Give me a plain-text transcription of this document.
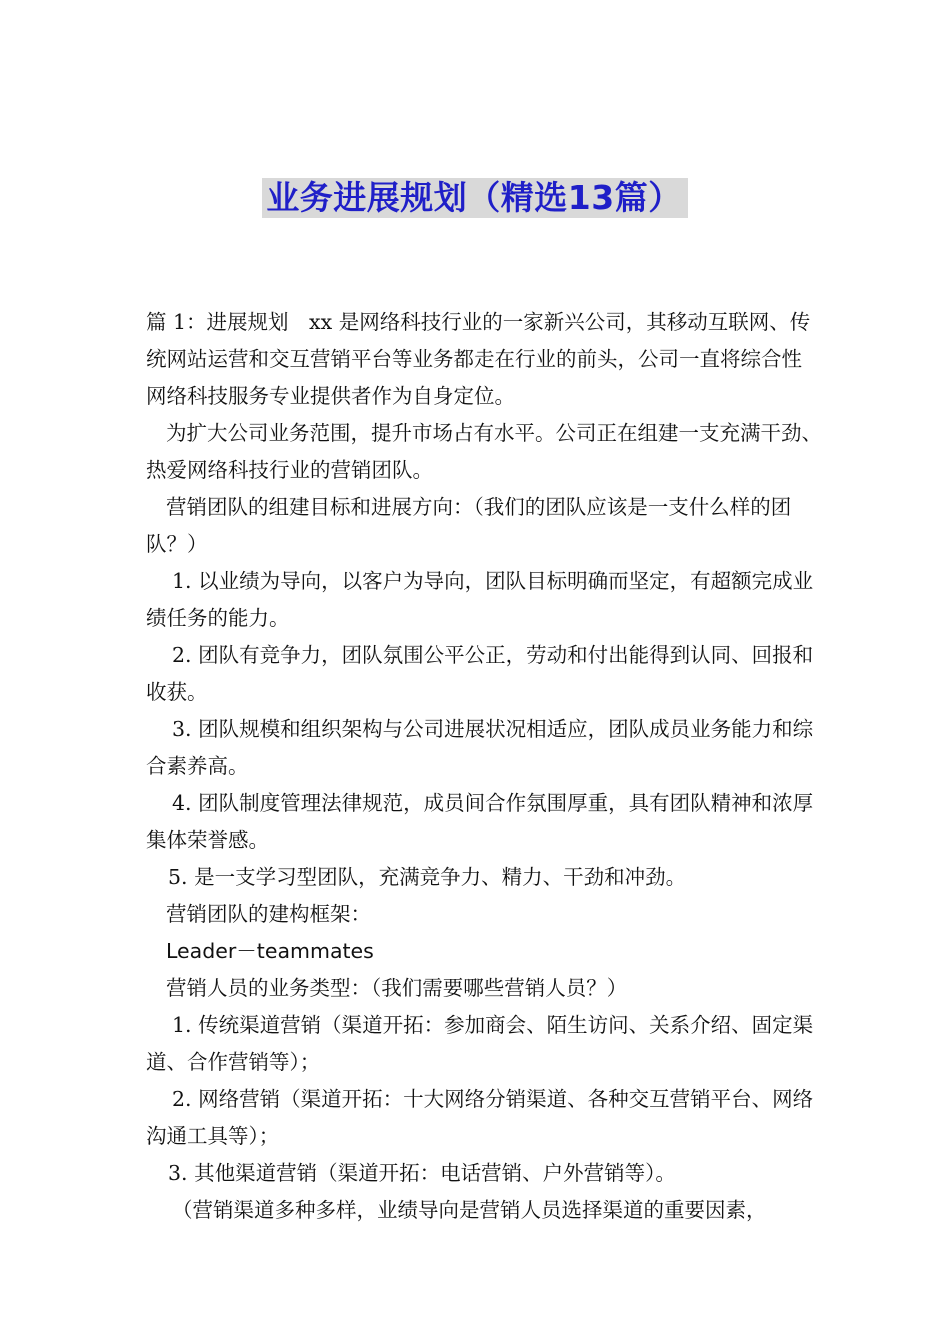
业务进展规划（精选13篇）

篇 1：进展规划　xx 是网络科技行业的一家新兴公司，其移动互联网、传统网站运营和交互营销平台等业务都走在行业的前头，公司一直将综合性网络科技服务专业提供者作为自身定位。

为扩大公司业务范围，提升市场占有水平。公司正在组建一支充满干劲、热爱网络科技行业的营销团队。

营销团队的组建目标和进展方向：（我们的团队应该是一支什么样的团队？）

1. 以业绩为导向，以客户为导向，团队目标明确而坚定，有超额完成业绩任务的能力。

2. 团队有竞争力，团队氛围公平公正，劳动和付出能得到认同、回报和收获。

3. 团队规模和组织架构与公司进展状况相适应，团队成员业务能力和综合素养高。

4. 团队制度管理法律规范，成员间合作氛围厚重，具有团队精神和浓厚集体荣誉感。

5. 是一支学习型团队，充满竞争力、精力、干劲和冲劲。

营销团队的建构框架：

Leader－teammates

营销人员的业务类型：（我们需要哪些营销人员？）

1. 传统渠道营销（渠道开拓：参加商会、陌生访问、关系介绍、固定渠道、合作营销等）；

2. 网络营销（渠道开拓：十大网络分销渠道、各种交互营销平台、网络沟通工具等）；

3. 其他渠道营销（渠道开拓：电话营销、户外营销等）。

（营销渠道多种多样，业绩导向是营销人员选择渠道的重要因素，
